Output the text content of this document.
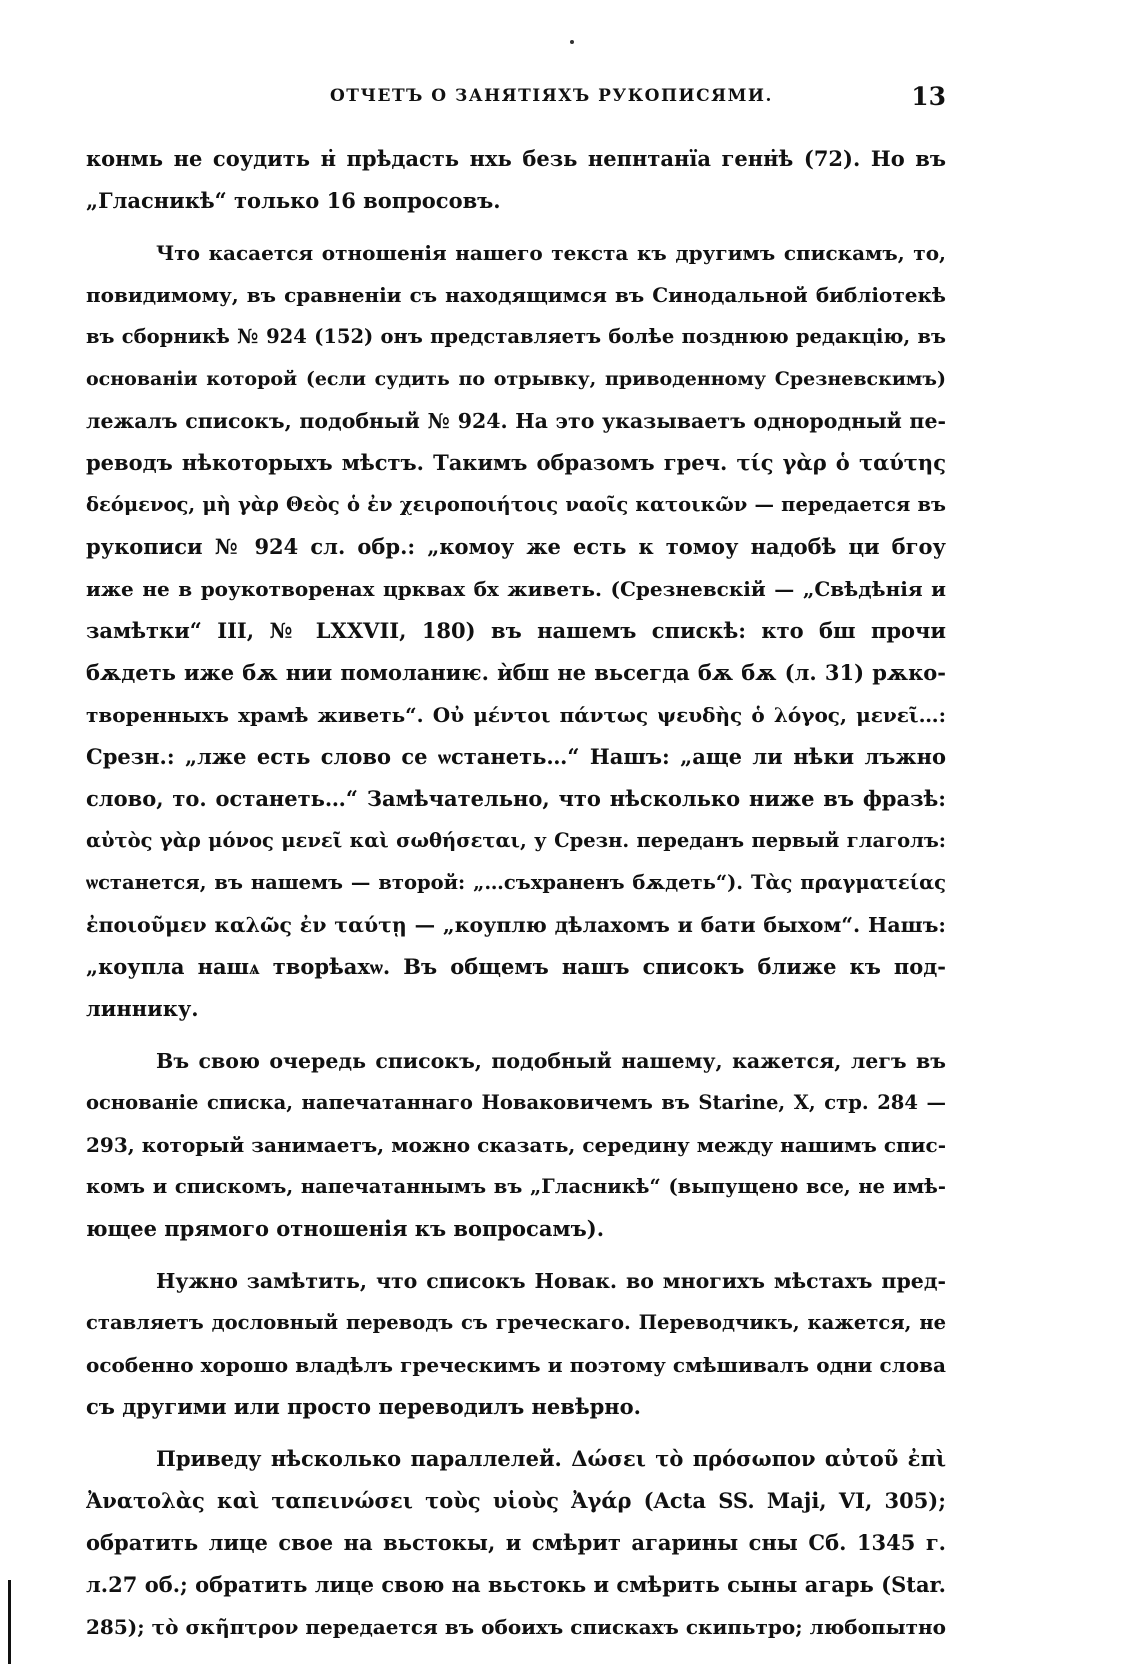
ОТЧЕТЪ О ЗАНЯТІЯХЪ РУКОПИСЯМИ.	13
конмь не соудить н̇ прѣдасть нхь безь непнтанїа генн̇ѣ (72). Но въ
„Гласникѣ“ только 16 вопросовъ.
Что касается отношенія нашего текста къ другимъ спискамъ, то,
повидимому, въ сравненіи съ находящимся въ Синодальной библіотекѣ
въ сборникѣ № 924 (152) онъ представляетъ болѣе позднюю редакцію, въ
основаніи которой (если судить по отрывку, приводенному Срезневскимъ)
лежалъ списокъ, подобный № 924. На это указываетъ однородный пе-
реводъ нѣкоторыхъ мѣстъ. Такимъ образомъ греч. τίς γὰρ ὁ ταύτης
δεόμενος, μὴ γὰρ Θεὸς ὁ ἐν χειροποιήτοις ναοῖς κατοικῶν — передается въ
рукописи № 924 сл. обр.: „комоу же есть к томоу надобѣ ци бгоу
иже не в роукотворенах црквах бх живеть. (Срезневскій — „Свѣдѣнія и
замѣтки“ III, № LXXVII, 180) въ нашемъ спискѣ: кто бш прочи
бѫдеть иже бѫ нии помоланиѥ. ѝбш не вьсегда бѫ бѫ (л. 31) рѫко-
творенныхъ храмѣ живеть“. Οὐ μέντοι πάντως ψευδὴς ὁ λόγος, μενεῖ…:
Срезн.: „лже есть слово се ѡстанеть…“ Нашъ: „аще ли нѣки лъжно
слово, то. останеть…“ Замѣчательно, что нѣсколько ниже въ фразѣ:
αὐτὸς γὰρ μόνος μενεῖ καὶ σωθήσεται, у Срезн. переданъ первый глаголъ:
ѡстанется, въ нашемъ — второй: „…съхраненъ бѫдеть“). Τὰς πραγματείας
ἐποιοῦμεν καλῶς ἐν ταύτῃ — „коуплю дѣлахомъ и бати быхом“. Нашъ:
„коупла нашѧ творѣахѡ. Въ общемъ нашъ списокъ ближе къ под-
линнику.
Въ свою очередь списокъ, подобный нашему, кажется, легъ въ
основаніе списка, напечатаннаго Новаковичемъ въ Starine, X, стр. 284 —
293, который занимаетъ, можно сказать, середину между нашимъ спис-
комъ и спискомъ, напечатаннымъ въ „Гласникѣ“ (выпущено все, не имѣ-
ющее прямого отношенія къ вопросамъ).
Нужно замѣтить, что списокъ Новак. во многихъ мѣстахъ пред-
ставляетъ дословный переводъ съ греческаго. Переводчикъ, кажется, не
особенно хорошо владѣлъ греческимъ и поэтому смѣшивалъ одни слова
съ другими или просто переводилъ невѣрно.
Приведу нѣсколько параллелей. Δώσει τὸ πρόσωπον αὐτοῦ ἐπὶ
Ἀνατολὰς καὶ ταπεινώσει τοὺς υἱοὺς Ἀγάρ (Acta SS. Maji, VI, 305);
обратить лице свое на вьстокы, и смѣрит агарины сны Сб. 1345 г.
л.27 об.; обратить лице свою на вьстокь и смѣрить сыны агарь (Star.
285); τὸ σκῆπτρον передается въ обоихъ спискахъ скипьтро; любопытно
